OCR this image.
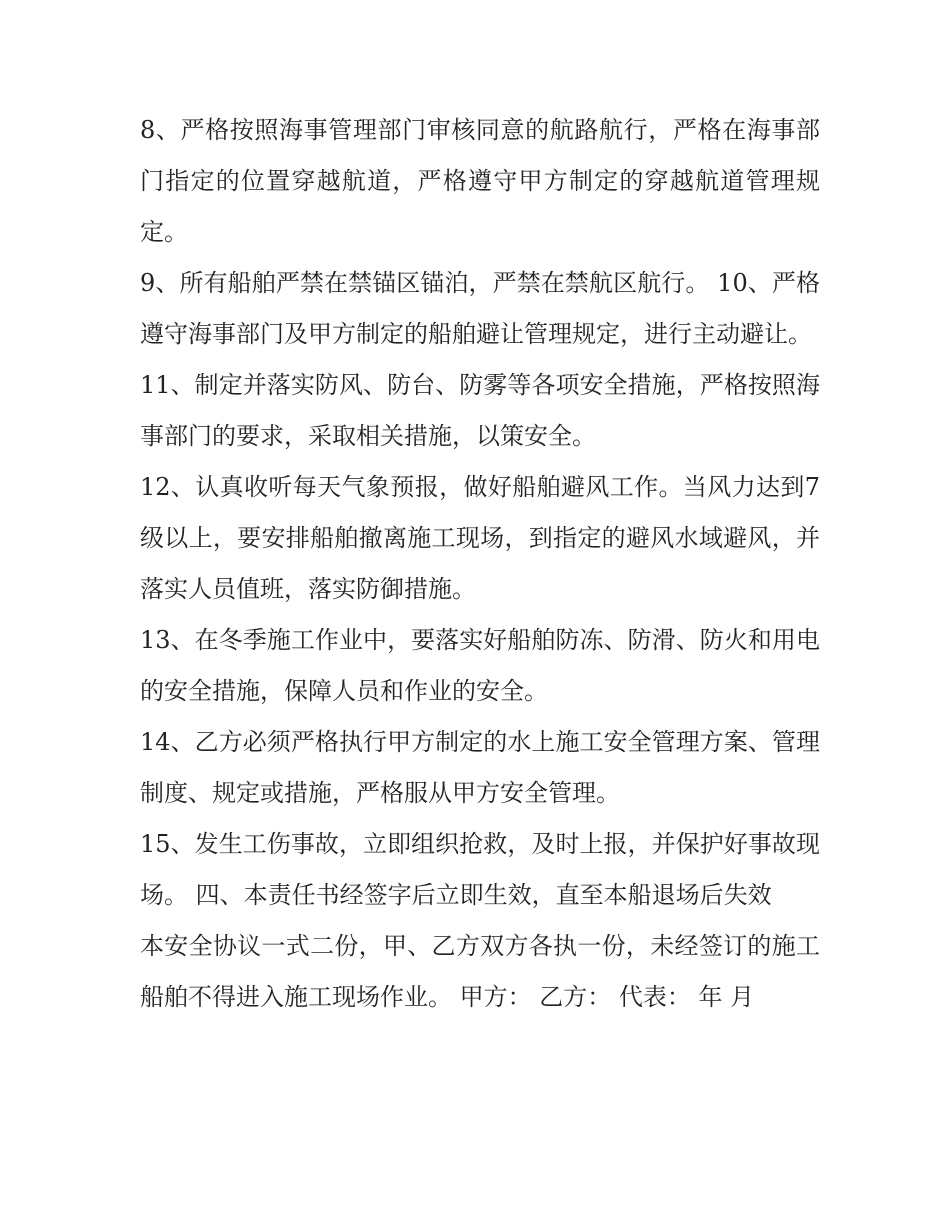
8、严格按照海事管理部门审核同意的航路航行，严格在海事部门指定的位置穿越航道，严格遵守甲方制定的穿越航道管理规定。

9、所有船舶严禁在禁锚区锚泊，严禁在禁航区航行。 10、严格遵守海事部门及甲方制定的船舶避让管理规定，进行主动避让。

11、制定并落实防风、防台、防雾等各项安全措施，严格按照海事部门的要求，采取相关措施，以策安全。

12、认真收听每天气象预报，做好船舶避风工作。当风力达到7级以上，要安排船舶撤离施工现场，到指定的避风水域避风，并落实人员值班，落实防御措施。

13、在冬季施工作业中，要落实好船舶防冻、防滑、防火和用电的安全措施，保障人员和作业的安全。

14、乙方必须严格执行甲方制定的水上施工安全管理方案、管理制度、规定或措施，严格服从甲方安全管理。

15、发生工伤事故，立即组织抢救，及时上报，并保护好事故现场。 四、本责任书经签字后立即生效，直至本船退场后失效

本安全协议一式二份，甲、乙方双方各执一份，未经签订的施工船舶不得进入施工现场作业。 甲方： 乙方： 代表： 年 月
